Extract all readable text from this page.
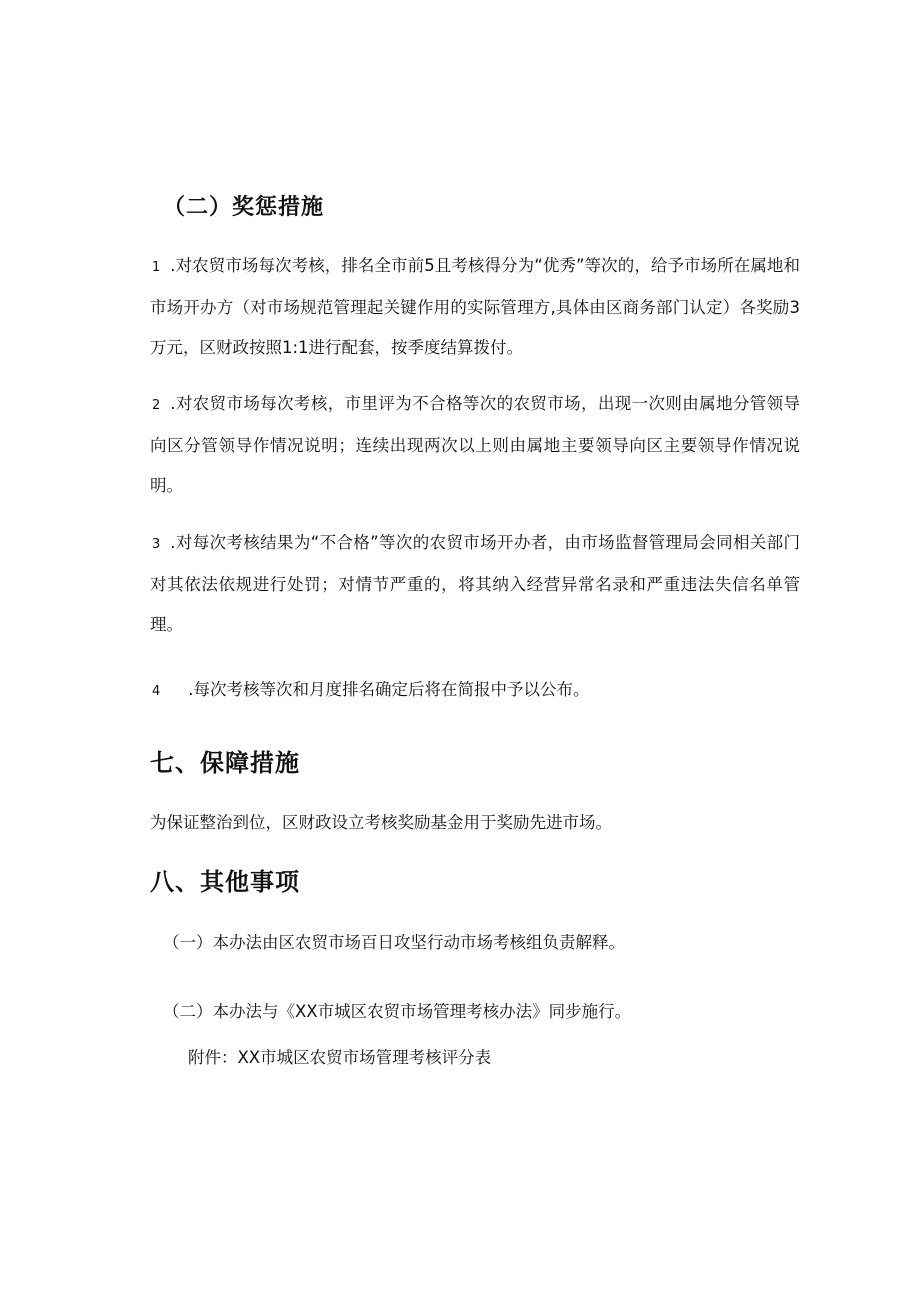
（二）奖惩措施
1 .对农贸市场每次考核，排名全市前5且考核得分为“优秀”等次的，给予市场所在属地和市场开办方（对市场规范管理起关键作用的实际管理方,具体由区商务部门认定）各奖励3万元，区财政按照1:1进行配套，按季度结算拨付。
2 .对农贸市场每次考核，市里评为不合格等次的农贸市场，出现一次则由属地分管领导向区分管领导作情况说明；连续出现两次以上则由属地主要领导向区主要领导作情况说明。
3 .对每次考核结果为“不合格”等次的农贸市场开办者，由市场监督管理局会同相关部门对其依法依规进行处罚；对情节严重的，将其纳入经营异常名录和严重违法失信名单管理。
4 .每次考核等次和月度排名确定后将在简报中予以公布。
七、保障措施
为保证整治到位，区财政设立考核奖励基金用于奖励先进市场。
八、其他事项
（一）本办法由区农贸市场百日攻坚行动市场考核组负责解释。
（二）本办法与《XX市城区农贸市场管理考核办法》同步施行。
附件：XX市城区农贸市场管理考核评分表
